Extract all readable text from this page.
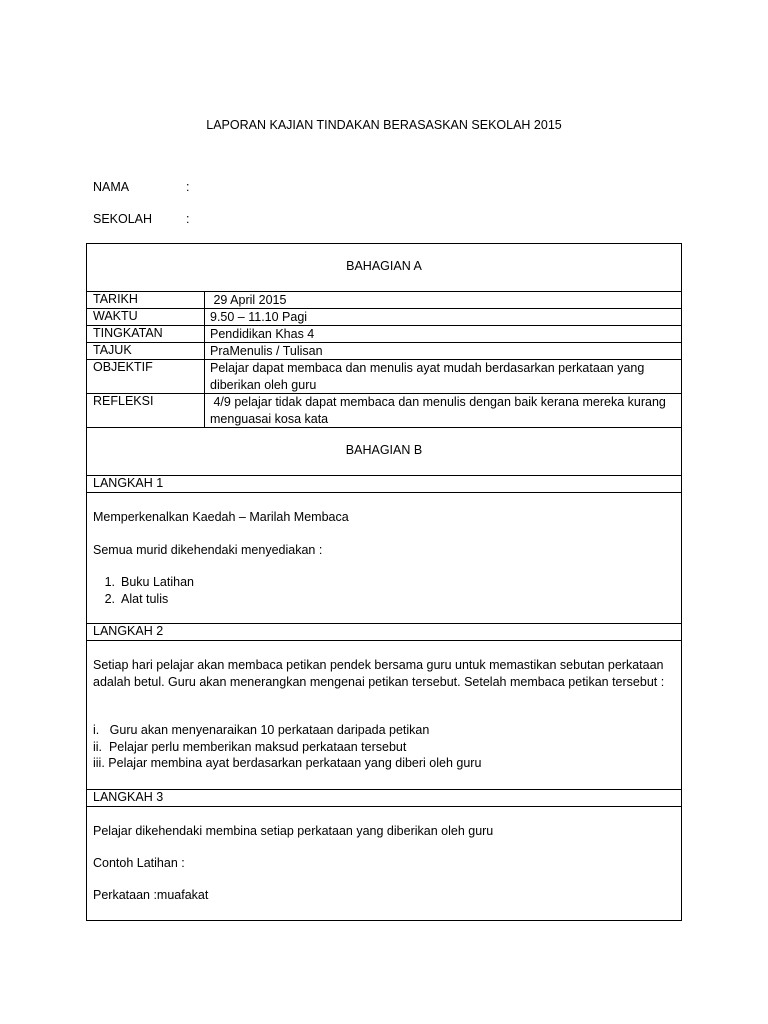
LAPORAN KAJIAN TINDAKAN BERASASKAN SEKOLAH 2015
NAMA	:
SEKOLAH	:
BAHAGIAN A
TARIKH	29 April 2015
WAKTU	9.50 – 11.10 Pagi
TINGKATAN	Pendidikan Khas 4
TAJUK	PraMenulis / Tulisan
OBJEKTIF	Pelajar dapat membaca dan menulis ayat mudah berdasarkan perkataan yang diberikan oleh guru
REFLEKSI	4/9 pelajar tidak dapat membaca dan menulis dengan baik kerana mereka kurang menguasai kosa kata
BAHAGIAN B
LANGKAH 1
Memperkenalkan Kaedah – Marilah Membaca
Semua murid dikehendaki menyediakan :
1. Buku Latihan
2. Alat tulis
LANGKAH 2
Setiap hari pelajar akan membaca petikan pendek bersama guru untuk memastikan sebutan perkataan adalah betul. Guru akan menerangkan mengenai petikan tersebut. Setelah membaca petikan tersebut :
i.   Guru akan menyenaraikan 10 perkataan daripada petikan
ii.  Pelajar perlu memberikan maksud perkataan tersebut
iii. Pelajar membina ayat berdasarkan perkataan yang diberi oleh guru
LANGKAH 3
Pelajar dikehendaki membina setiap perkataan yang diberikan oleh guru
Contoh Latihan :
Perkataan :muafakat
